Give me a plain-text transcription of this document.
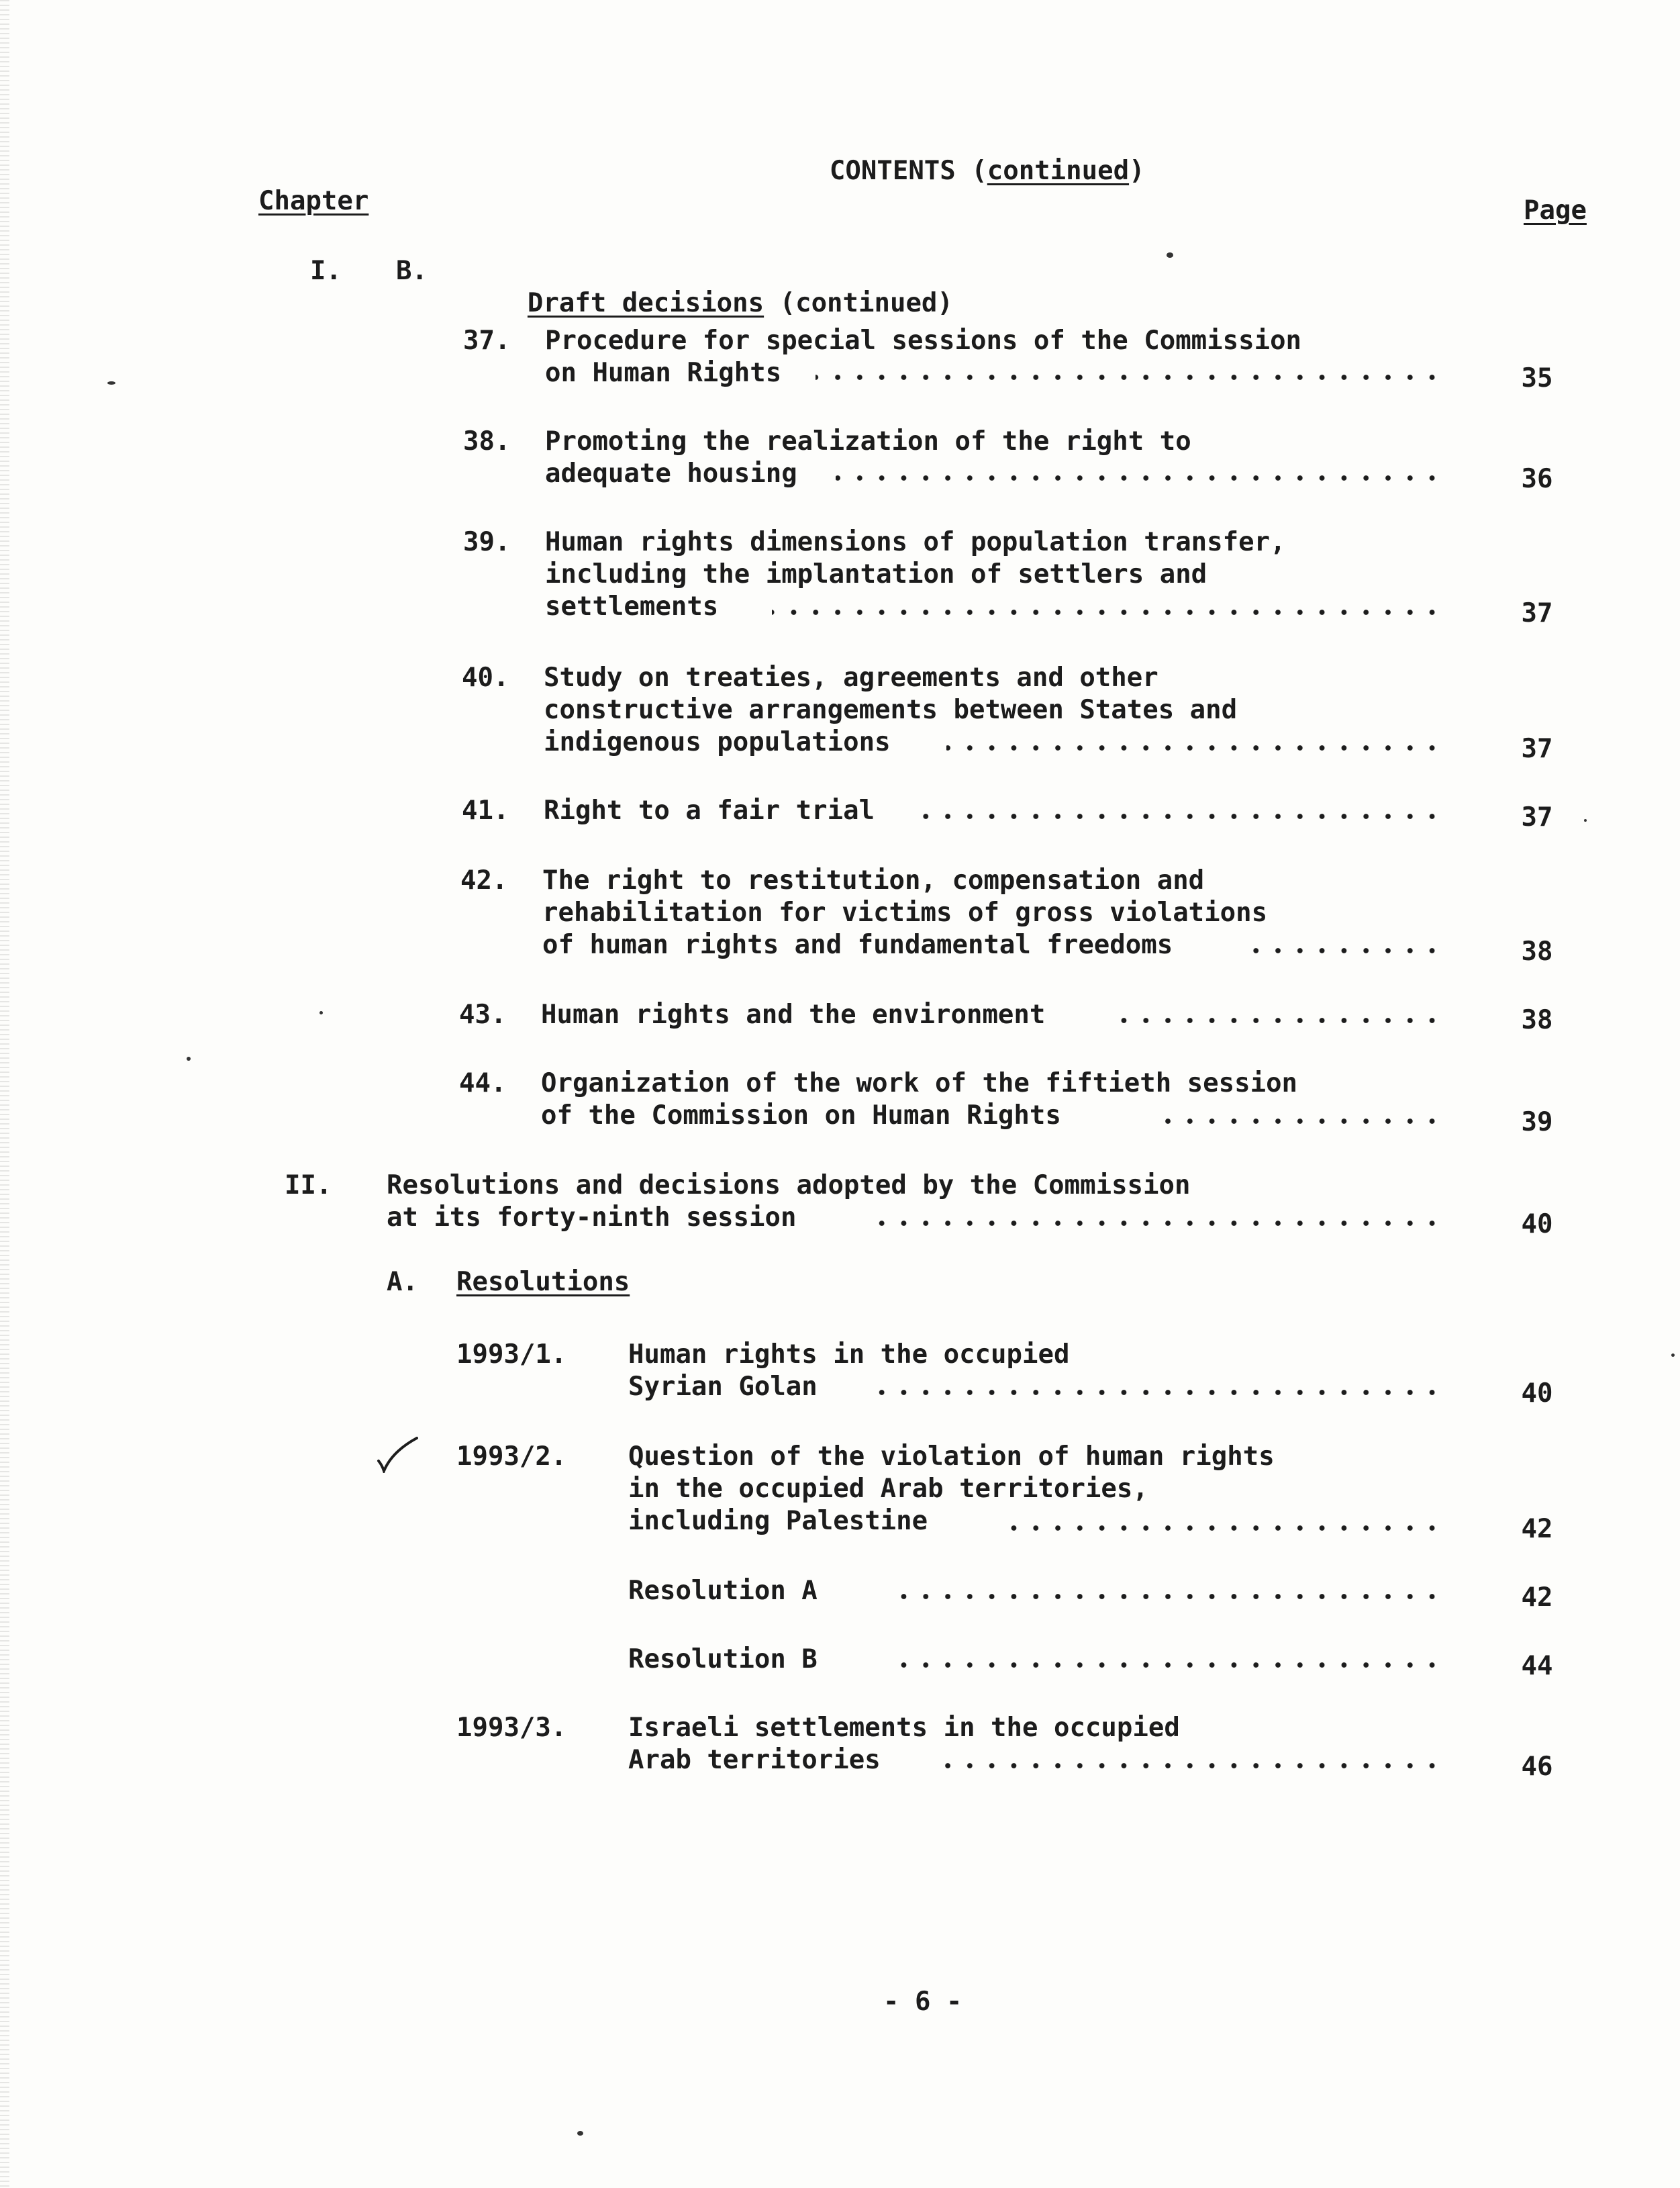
CONTENTS (continued)

Chapter	Page
I. B.

Draft decisions (continued)

37. Procedure for special sessions of the Commission
on Human Rights	35
38. Promoting the realization of the right to
adequate housing	36
39. Human rights dimensions of population transfer,
including the implantation of settlers and
settlements	37
40. Study on treaties, agreements and other
constructive arrangements between States and
indigenous populations	37
41. Right to a fair trial	37
42. The right to restitution, compensation and
rehabilitation for victims of gross violations
of human rights and fundamental freedoms	38
43. Human rights and the environment	38
44. Organization of the work of the fiftieth session
of the Commission on Human Rights	39
II. Resolutions and decisions adopted by the Commission
at its forty-ninth session	40
A. Resolutions
1993/1. Human rights in the occupied
Syrian Golan	40
1993/2. Question of the violation of human rights
in the occupied Arab territories,
including Palestine	42
Resolution A	42
Resolution B	44
1993/3. Israeli settlements in the occupied
Arab territories	46
- 6 -
